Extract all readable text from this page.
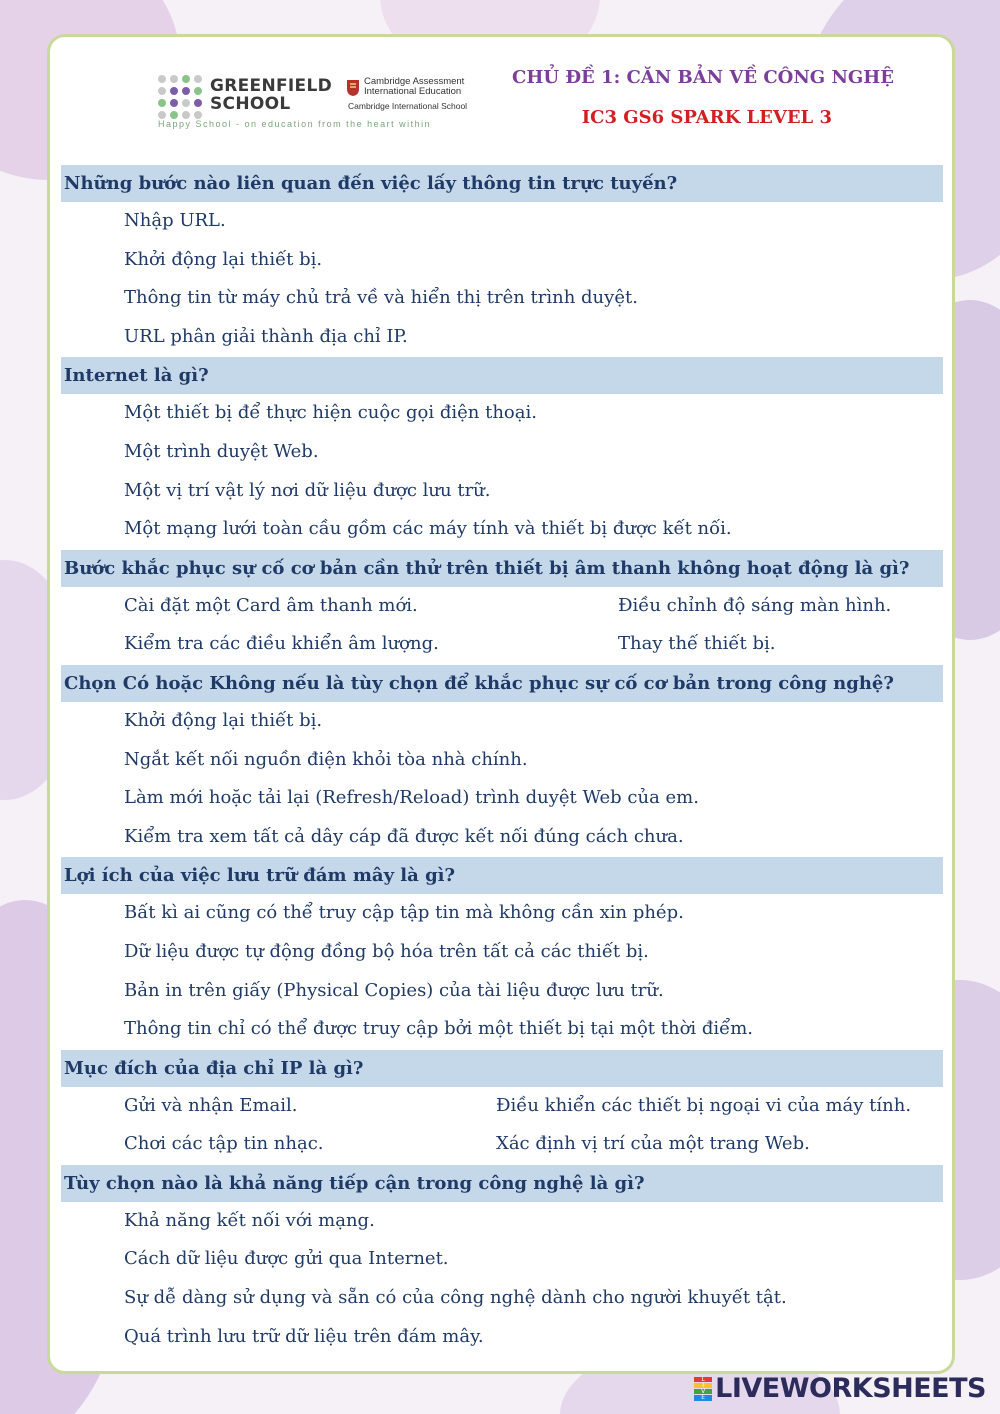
GREENFIELD
SCHOOL
Cambridge Assessment
International Education
Cambridge International School
Happy School - on education from the heart within
CHỦ ĐỀ 1: CĂN BẢN VỀ CÔNG NGHỆ
IC3 GS6 SPARK LEVEL 3
Những bước nào liên quan đến việc lấy thông tin trực tuyến?
Nhập URL.
Khởi động lại thiết bị.
Thông tin từ máy chủ trả về và hiển thị trên trình duyệt.
URL phân giải thành địa chỉ IP.
Internet là gì?
Một thiết bị để thực hiện cuộc gọi điện thoại.
Một trình duyệt Web.
Một vị trí vật lý nơi dữ liệu được lưu trữ.
Một mạng lưới toàn cầu gồm các máy tính và thiết bị được kết nối.
Bước khắc phục sự cố cơ bản cần thử trên thiết bị âm thanh không hoạt động là gì?
Cài đặt một Card âm thanh mới.	Điều chỉnh độ sáng màn hình.
Kiểm tra các điều khiển âm lượng.	Thay thế thiết bị.
Chọn Có hoặc Không nếu là tùy chọn để khắc phục sự cố cơ bản trong công nghệ?
Khởi động lại thiết bị.
Ngắt kết nối nguồn điện khỏi tòa nhà chính.
Làm mới hoặc tải lại (Refresh/Reload) trình duyệt Web của em.
Kiểm tra xem tất cả dây cáp đã được kết nối đúng cách chưa.
Lợi ích của việc lưu trữ đám mây là gì?
Bất kì ai cũng có thể truy cập tập tin mà không cần xin phép.
Dữ liệu được tự động đồng bộ hóa trên tất cả các thiết bị.
Bản in trên giấy (Physical Copies) của tài liệu được lưu trữ.
Thông tin chỉ có thể được truy cập bởi một thiết bị tại một thời điểm.
Mục đích của địa chỉ IP là gì?
Gửi và nhận Email.	Điều khiển các thiết bị ngoại vi của máy tính.
Chơi các tập tin nhạc.	Xác định vị trí của một trang Web.
Tùy chọn nào là khả năng tiếp cận trong công nghệ là gì?
Khả năng kết nối với mạng.
Cách dữ liệu được gửi qua Internet.
Sự dễ dàng sử dụng và sẵn có của công nghệ dành cho người khuyết tật.
Quá trình lưu trữ dữ liệu trên đám mây.
L
I
V
E LIVEWORKSHEETS
